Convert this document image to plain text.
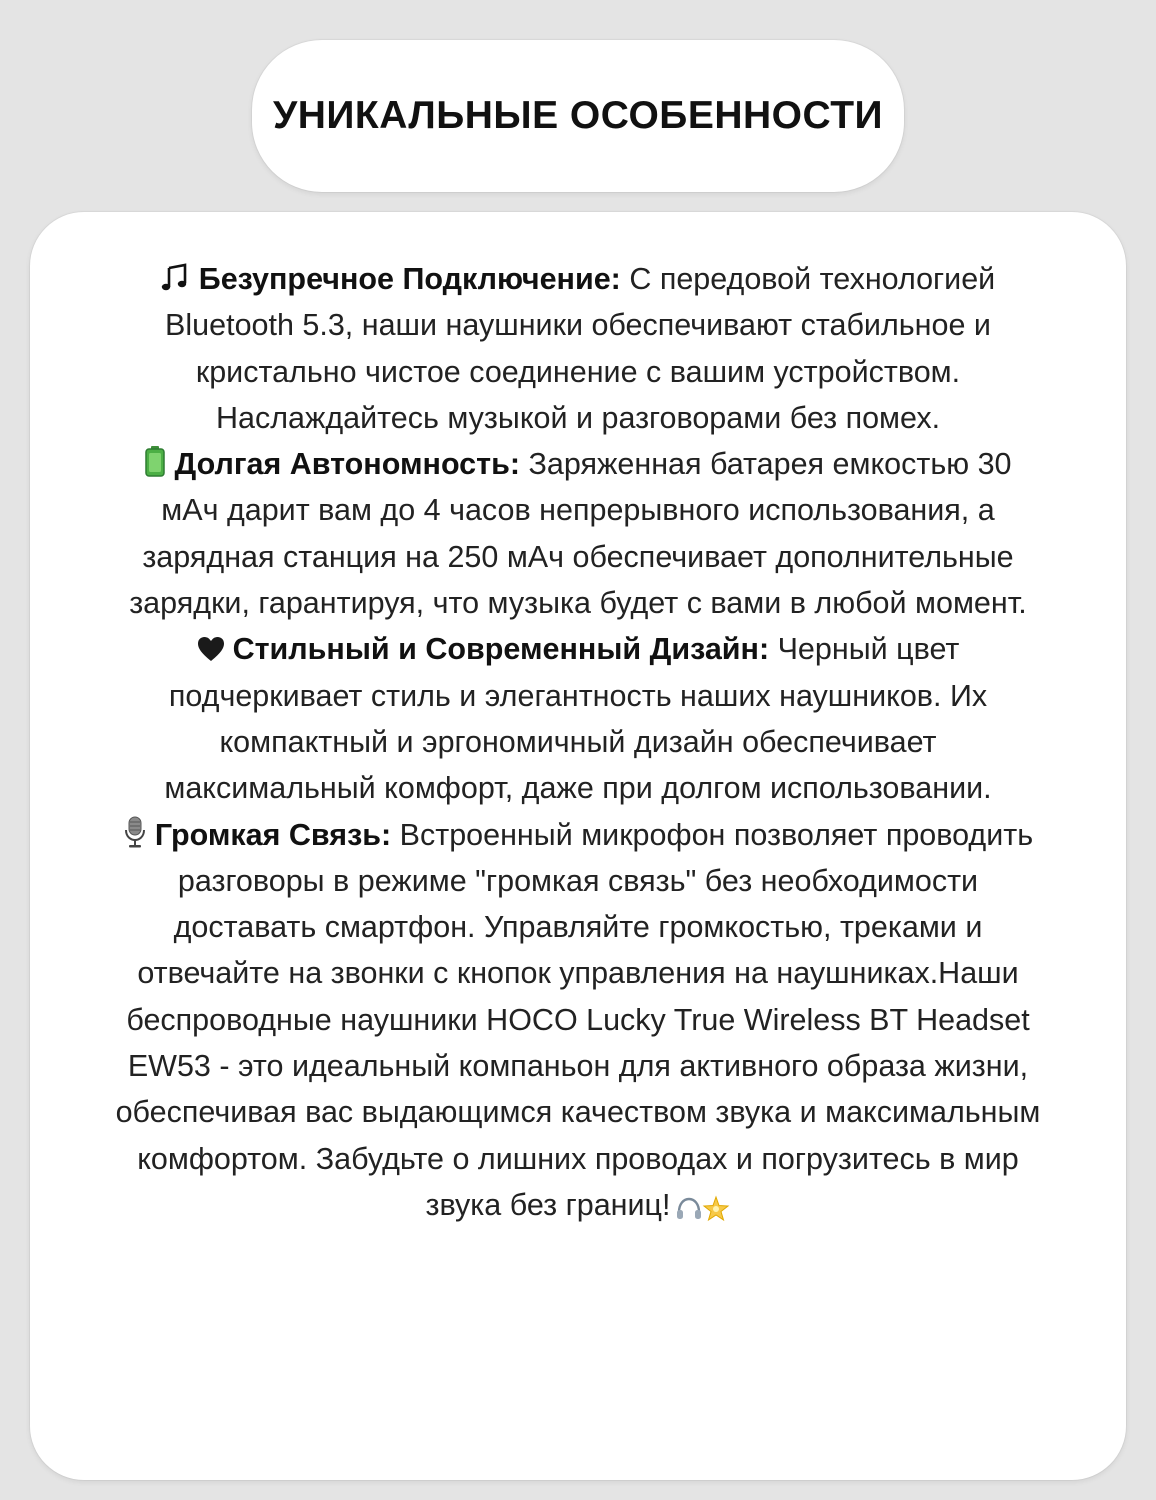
УНИКАЛЬНЫЕ ОСОБЕННОСТИ
Безупречное Подключение: С передовой технологией Bluetooth 5.3, наши наушники обеспечивают стабильное и кристально чистое соединение с вашим устройством. Наслаждайтесь музыкой и разговорами без помех.
Долгая Автономность: Заряженная батарея емкостью 30 мАч дарит вам до 4 часов непрерывного использования, а зарядная станция на 250 мАч обеспечивает дополнительные зарядки, гарантируя, что музыка будет с вами в любой момент.
Стильный и Современный Дизайн: Черный цвет подчеркивает стиль и элегантность наших наушников. Их компактный и эргономичный дизайн обеспечивает максимальный комфорт, даже при долгом использовании.
Громкая Связь: Встроенный микрофон позволяет проводить разговоры в режиме "громкая связь" без необходимости доставать смартфон. Управляйте громкостью, треками и отвечайте на звонки с кнопок управления на наушниках.Наши беспроводные наушники HOCO Lucky True Wireless BT Headset EW53 - это идеальный компаньон для активного образа жизни, обеспечивая вас выдающимся качеством звука и максимальным комфортом. Забудьте о лишних проводах и погрузитесь в мир звука без границ!
